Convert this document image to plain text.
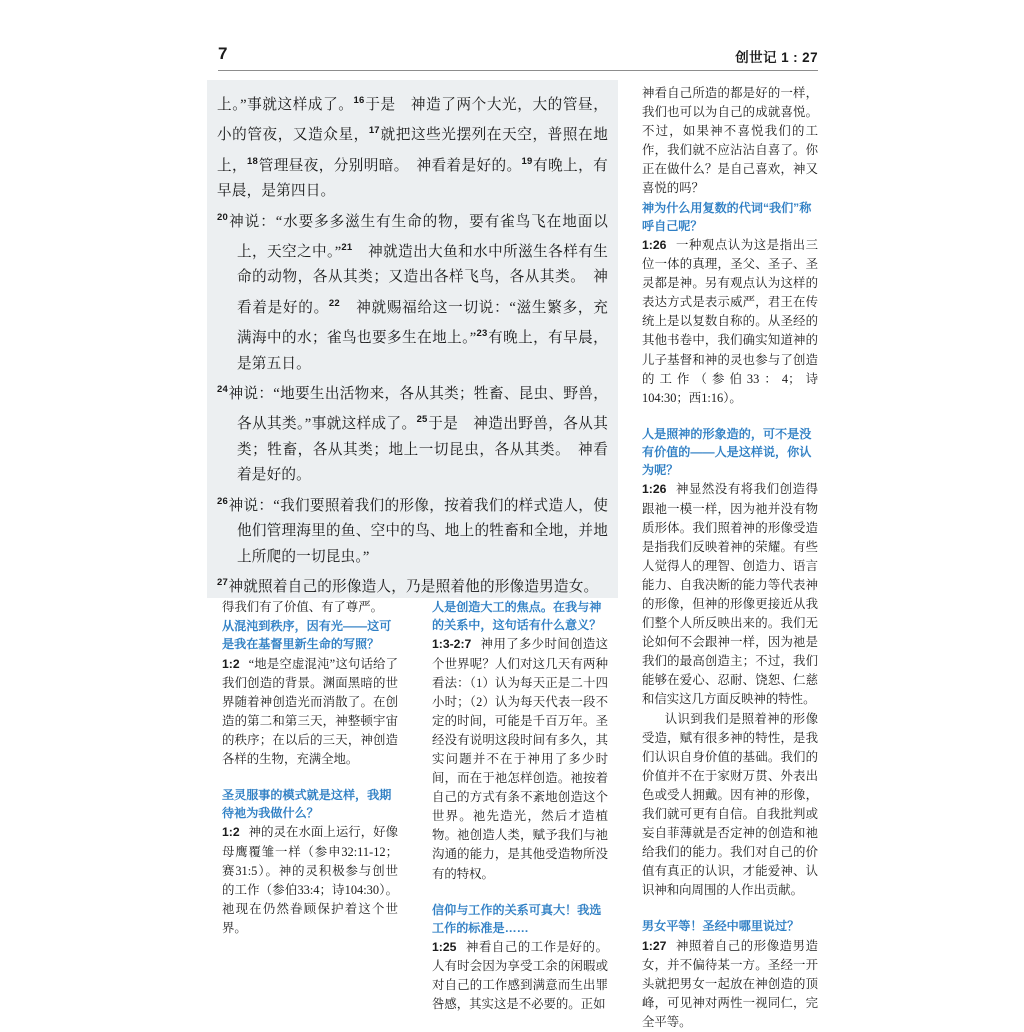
7	创世记 1 : 27

上。”事就这样成了。$^{16}$于是　神造了两个大光，大的管昼，小的管夜，又造众星，$^{17}$就把这些光摆列在天空，普照在地上，$^{18}$管理昼夜，分别明暗。　神看着是好的。$^{19}$有晚上，有早晨，是第四日。

$^{20}$神说：“水要多多滋生有生命的物，要有雀鸟飞在地面以上，天空之中。”$^{21}$　神就造出大鱼和水中所滋生各样有生命的动物，各从其类；又造出各样飞鸟，各从其类。　神看着是好的。$^{22}$　神就赐福给这一切说：“滋生繁多，充满海中的水；雀鸟也要多生在地上。”$^{23}$有晚上，有早晨，是第五日。

$^{24}$神说：“地要生出活物来，各从其类；牲畜、昆虫、野兽，各从其类。”事就这样成了。$^{25}$于是　神造出野兽，各从其类；牲畜，各从其类；地上一切昆虫，各从其类。　神看着是好的。

$^{26}$神说：“我们要照着我们的形像，按着我们的样式造人，使他们管理海里的鱼、空中的鸟、地上的牲畜和全地，并地上所爬的一切昆虫。”

$^{27}$神就照着自己的形像造人，乃是照着他的形像造男造女。

神看自己所造的都是好的一样，我们也可以为自己的成就喜悦。不过，如果神不喜悦我们的工作，我们就不应沾沾自喜了。你正在做什么？是自己喜欢，神又喜悦的吗？

神为什么用复数的代词“我们”称呼自己呢？

1:26 一种观点认为这是指出三位一体的真理，圣父、圣子、圣灵都是神。另有观点认为这样的表达方式是表示威严，君王在传统上是以复数自称的。从圣经的其他书卷中，我们确实知道神的儿子基督和神的灵也参与了创造的工作（参伯33：4；诗104:30；西1:16）。

人是照神的形象造的，可不是没有价值的——人是这样说，你认为呢？

1:26 神显然没有将我们创造得跟祂一模一样，因为祂并没有物质形体。我们照着神的形像受造是指我们反映着神的荣耀。有些人觉得人的理智、创造力、语言能力、自我决断的能力等代表神的形像，但神的形像更接近从我们整个人所反映出来的。我们无论如何不会跟神一样，因为祂是我们的最高创造主；不过，我们能够在爱心、忍耐、饶恕、仁慈和信实这几方面反映神的特性。

认识到我们是照着神的形像受造，赋有很多神的特性，是我们认识自身价值的基础。我们的价值并不在于家财万贯、外表出色或受人拥戴。因有神的形像，我们就可更有自信。自我批判或妄自菲薄就是否定神的创造和祂给我们的能力。我们对自己的价值有真正的认识，才能爱神、认识神和向周围的人作出贡献。

男女平等！圣经中哪里说过？

1:27 神照着自己的形像造男造女，并不偏待某一方。圣经一开头就把男女一起放在神创造的顶峰，可见神对两性一视同仁，完全平等。

得我们有了价值、有了尊严。

从混沌到秩序，因有光——这可是我在基督里新生命的写照？

1:2 “地是空虚混沌”这句话给了我们创造的背景。渊面黑暗的世界随着神创造光而消散了。在创造的第二和第三天，神整顿宇宙的秩序；在以后的三天，神创造各样的生物，充满全地。

圣灵服事的模式就是这样，我期待祂为我做什么？

1:2 神的灵在水面上运行，好像母鹰覆雏一样（参申32:11-12；赛31:5）。神的灵积极参与创世的工作（参伯33:4；诗104:30）。祂现在仍然眷顾保护着这个世界。

人是创造大工的焦点。在我与神的关系中，这句话有什么意义？

1:3-2:7 神用了多少时间创造这个世界呢？人们对这几天有两种看法：（1）认为每天正是二十四小时；（2）认为每天代表一段不定的时间，可能是千百万年。圣经没有说明这段时间有多久，其实问题并不在于神用了多少时间，而在于祂怎样创造。祂按着自己的方式有条不紊地创造这个世界。祂先造光，然后才造植物。祂创造人类，赋予我们与祂沟通的能力，是其他受造物所没有的特权。

信仰与工作的关系可真大！我选工作的标准是……

1:25 神看自己的工作是好的。人有时会因为享受工余的闲暇或对自己的工作感到满意而生出罪咎感，其实这是不必要的。正如
